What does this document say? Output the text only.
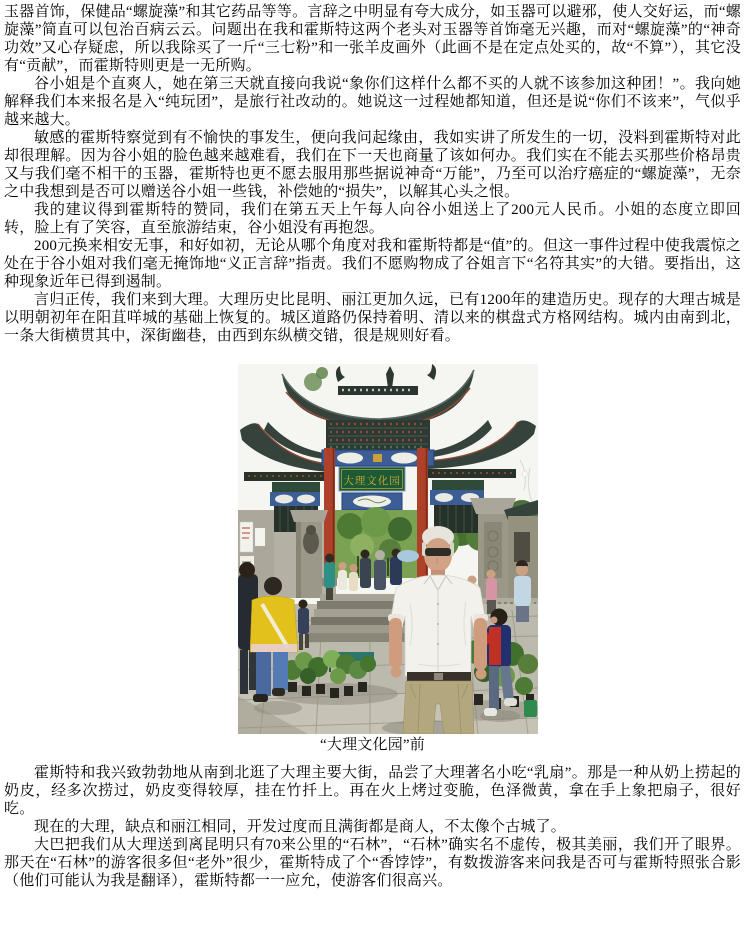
玉器首饰，保健品“螺旋藻”和其它药品等等。言辞之中明显有夸大成分，如玉器可以避邪，使人交好运，而“螺旋藻”简直可以包治百病云云。问题出在我和霍斯特这两个老头对玉器等首饰毫无兴趣，而对“螺旋藻”的“神奇功效”又心存疑虑，所以我除买了一斤“三七粉”和一张羊皮画外（此画不是在定点处买的，故“不算”），其它没有“贡献”，而霍斯特则更是一无所购。

谷小姐是个直爽人，她在第三天就直接向我说“象你们这样什么都不买的人就不该参加这种团！”。我向她解释我们本来报名是入“纯玩团”，是旅行社改动的。她说这一过程她都知道，但还是说“你们不该来”，气似乎越来越大。

敏感的霍斯特察觉到有不愉快的事发生，便向我问起缘由，我如实讲了所发生的一切，没料到霍斯特对此却很理解。因为谷小姐的脸色越来越难看，我们在下一天也商量了该如何办。我们实在不能去买那些价格昂贵又与我们毫不相干的玉器，霍斯特也更不愿去服用那些据说神奇“万能”，乃至可以治疗癌症的“螺旋藻”，无奈之中我想到是否可以赠送谷小姐一些钱，补偿她的“损失”，以解其心头之恨。

我的建议得到霍斯特的赞同，我们在第五天上午每人向谷小姐送上了200元人民币。小姐的态度立即回转，脸上有了笑容，直至旅游结束，谷小姐没有再抱怨。

200元换来相安无事，和好如初，无论从哪个角度对我和霍斯特都是“值”的。但这一事件过程中使我震惊之处在于谷小姐对我们毫无掩饰地“义正言辞”指责。我们不愿购物成了谷姐言下“名符其实”的大错。要指出，这种现象近年已得到遏制。

言归正传，我们来到大理。大理历史比昆明、丽江更加久远，已有1200年的建造历史。现存的大理古城是以明朝初年在阳苴咩城的基础上恢复的。城区道路仍保持着明、清以来的棋盘式方格网结构。城内由南到北，一条大街横贯其中，深街幽巷，由西到东纵横交错，很是规则好看。

大理文化园
“大理文化园”前

霍斯特和我兴致勃勃地从南到北逛了大理主要大街，品尝了大理著名小吃“乳扇”。那是一种从奶上捞起的奶皮，经多次捞过，奶皮变得较厚，挂在竹扦上。再在火上烤过变脆，色泽微黄，拿在手上象把扇子，很好吃。

现在的大理，缺点和丽江相同，开发过度而且满街都是商人，不太像个古城了。

大巴把我们从大理送到离昆明只有70来公里的“石林”，“石林”确实名不虚传，极其美丽，我们开了眼界。那天在“石林”的游客很多但“老外”很少，霍斯特成了个“香饽饽”，有数拨游客来问我是否可与霍斯特照张合影（他们可能认为我是翻译），霍斯特都一一应允，使游客们很高兴。
